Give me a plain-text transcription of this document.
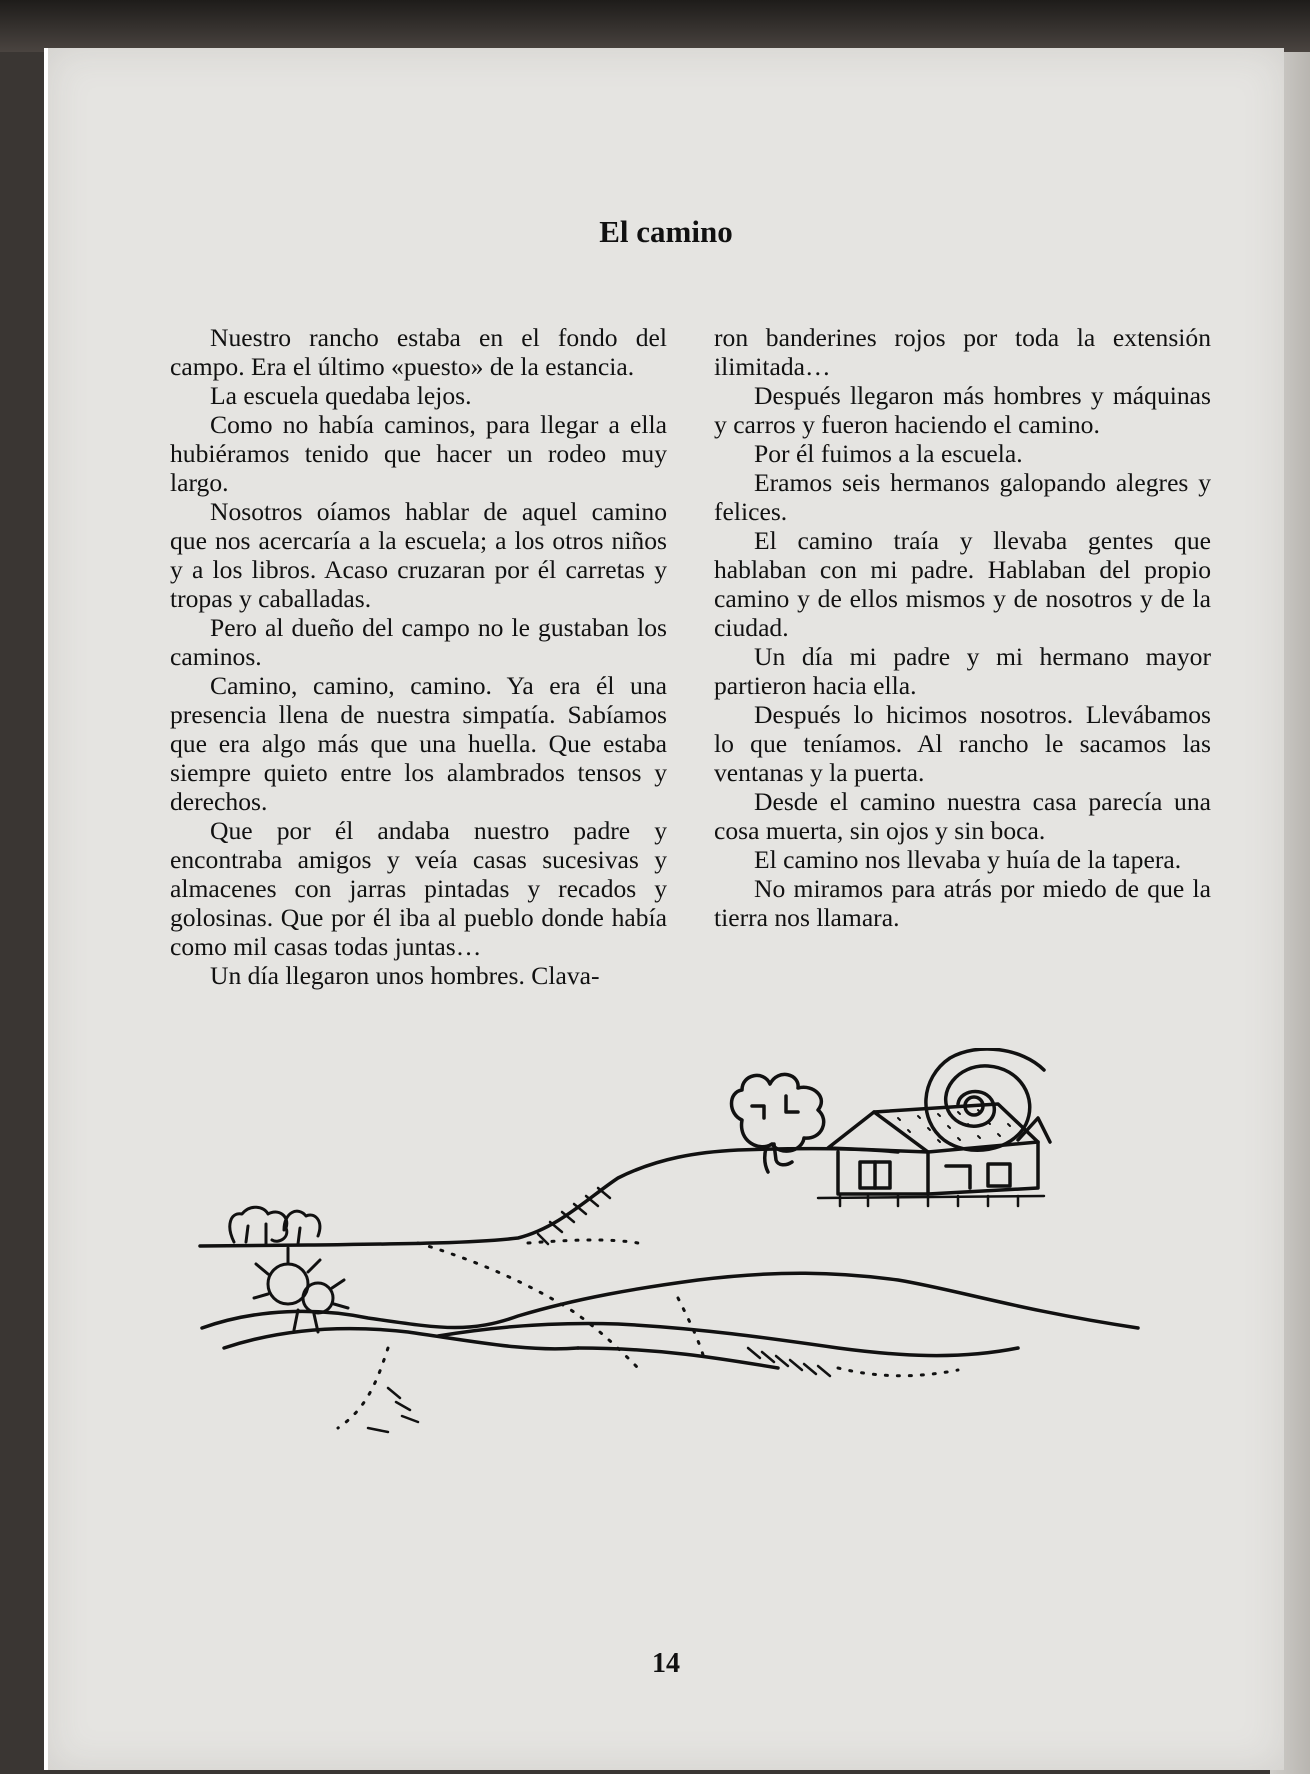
El camino

Nuestro rancho estaba en el fondo del campo. Era el último «puesto» de la estancia.

La escuela quedaba lejos.

Como no había caminos, para llegar a ella hubiéramos tenido que hacer un rodeo muy largo.

Nosotros oíamos hablar de aquel camino que nos acercaría a la escuela; a los otros niños y a los libros. Acaso cruzaran por él carretas y tropas y caballadas.

Pero al dueño del campo no le gustaban los caminos.

Camino, camino, camino. Ya era él una presencia llena de nuestra simpatía. Sabíamos que era algo más que una huella. Que estaba siempre quieto entre los alambrados tensos y derechos.

Que por él andaba nuestro padre y encontraba amigos y veía casas sucesivas y almacenes con jarras pintadas y recados y golosinas. Que por él iba al pueblo donde había como mil casas todas juntas…

Un día llegaron unos hombres. Clava-

ron banderines rojos por toda la extensión ilimitada…

Después llegaron más hombres y máquinas y carros y fueron haciendo el camino.

Por él fuimos a la escuela.

Eramos seis hermanos galopando alegres y felices.

El camino traía y llevaba gentes que hablaban con mi padre. Hablaban del propio camino y de ellos mismos y de nosotros y de la ciudad.

Un día mi padre y mi hermano mayor partieron hacia ella.

Después lo hicimos nosotros. Llevábamos lo que teníamos. Al rancho le sacamos las ventanas y la puerta.

Desde el camino nuestra casa parecía una cosa muerta, sin ojos y sin boca.

El camino nos llevaba y huía de la tapera.

No miramos para atrás por miedo de que la tierra nos llamara.

14
